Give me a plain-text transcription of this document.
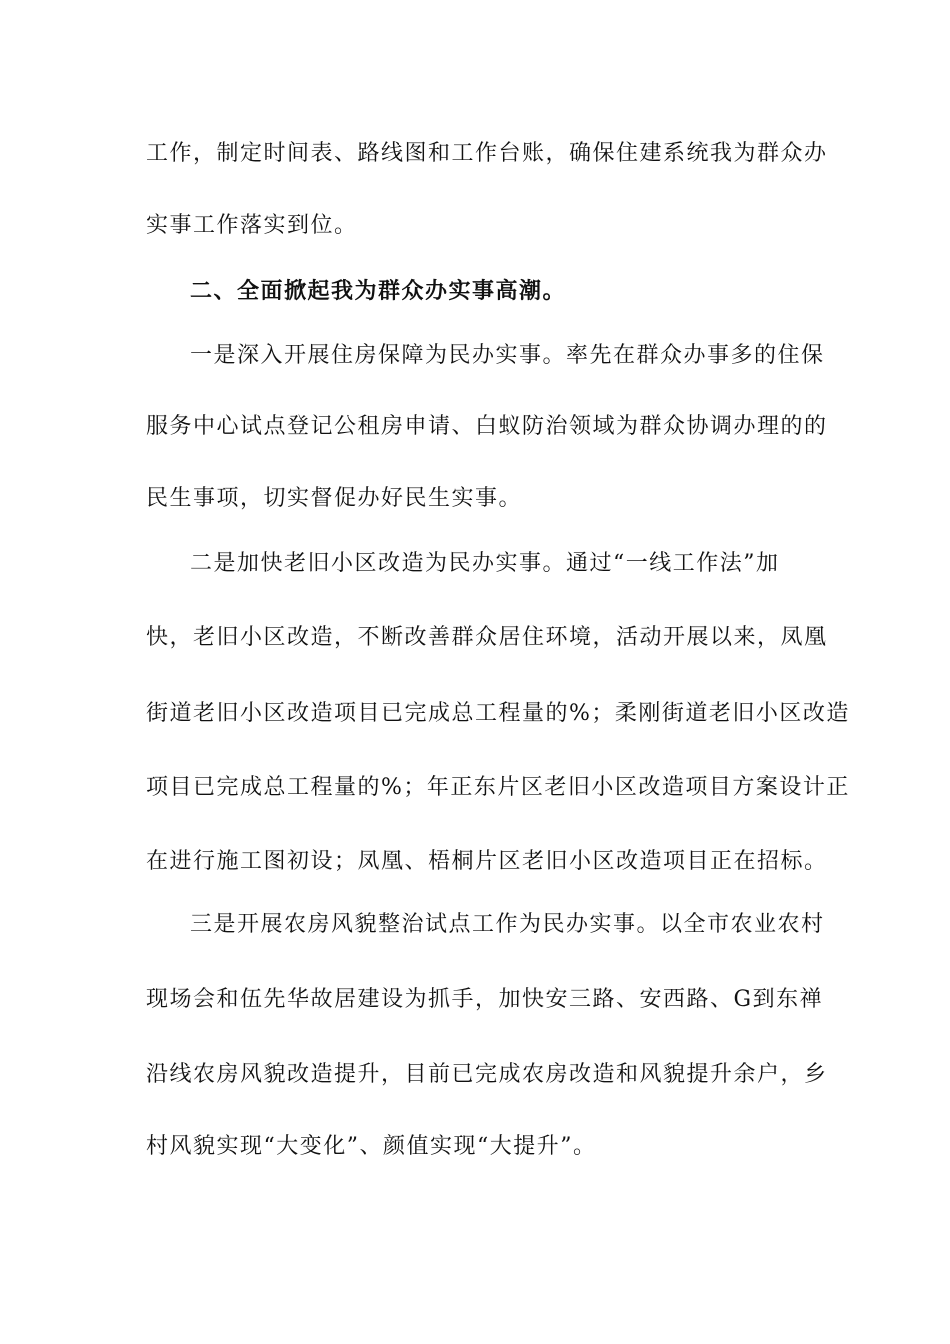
工作，制定时间表、路线图和工作台账，确保住建系统我为群众办

实事工作落实到位。

二、全面掀起我为群众办实事高潮。

一是深入开展住房保障为民办实事。率先在群众办事多的住保

服务中心试点登记公租房申请、白蚁防治领域为群众协调办理的的

民生事项，切实督促办好民生实事。

二是加快老旧小区改造为民办实事。通过“一线工作法”加

快，老旧小区改造，不断改善群众居住环境，活动开展以来，凤凰

街道老旧小区改造项目已完成总工程量的%；柔刚街道老旧小区改造

项目已完成总工程量的%；年正东片区老旧小区改造项目方案设计正

在进行施工图初设；凤凰、梧桐片区老旧小区改造项目正在招标。

三是开展农房风貌整治试点工作为民办实事。以全市农业农村

现场会和伍先华故居建设为抓手，加快安三路、安西路、G到东禅

沿线农房风貌改造提升，目前已完成农房改造和风貌提升余户，乡

村风貌实现“大变化”、颜值实现“大提升”。
